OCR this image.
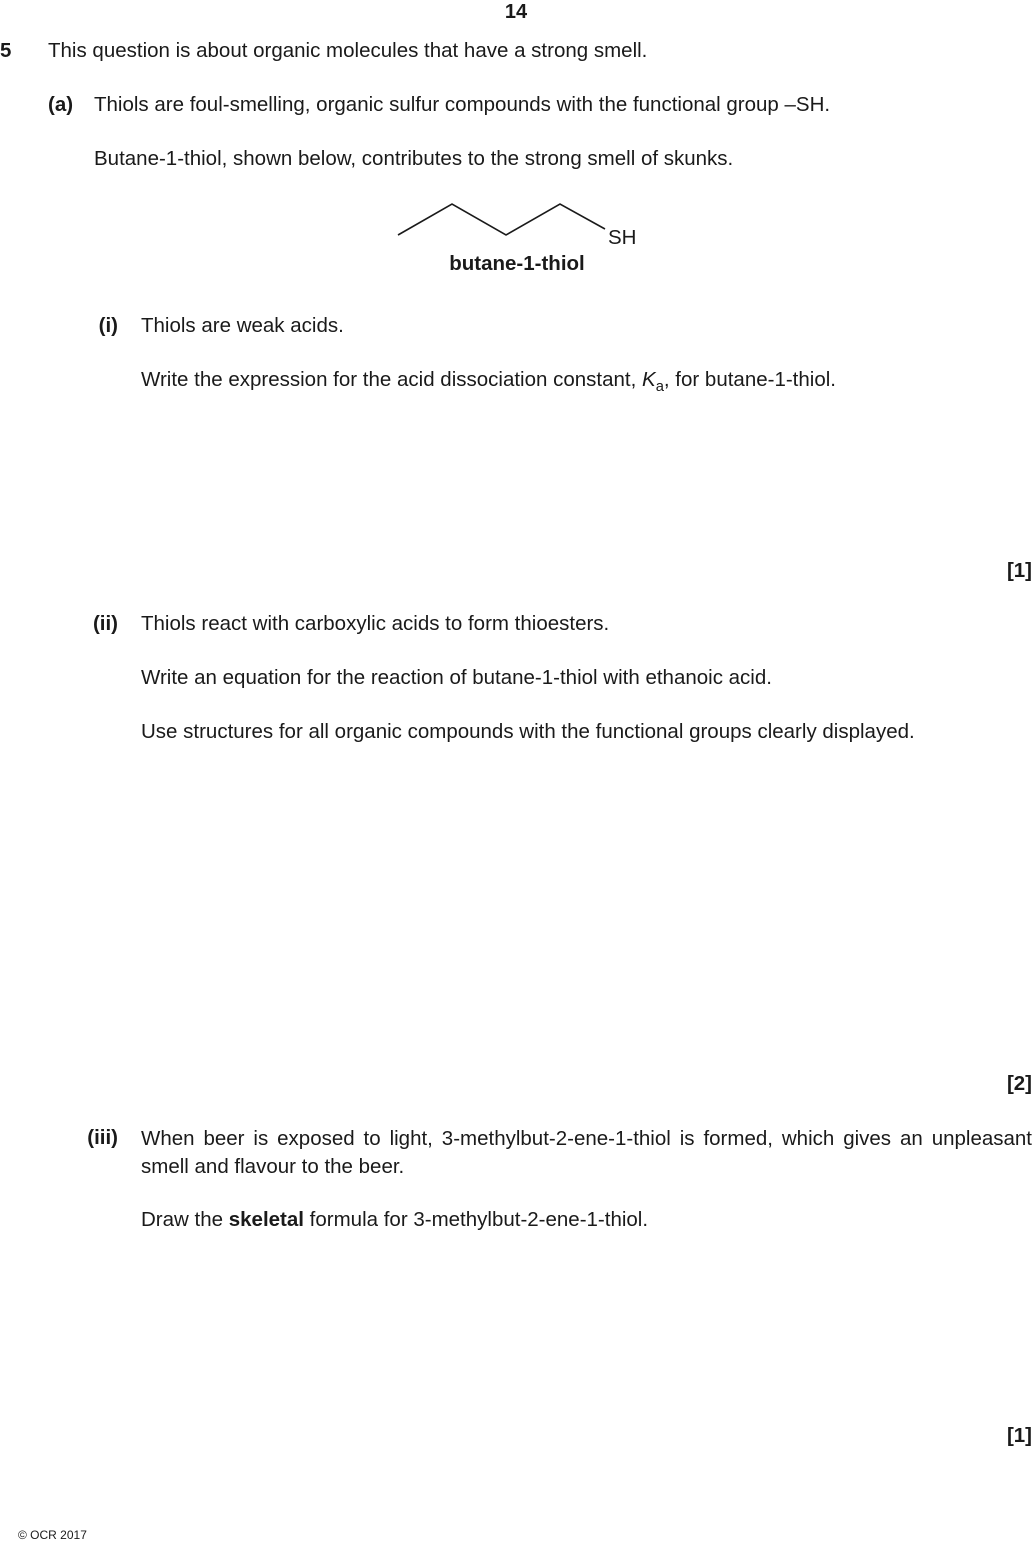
14
5 This question is about organic molecules that have a strong smell.
(a) Thiols are foul-smelling, organic sulfur compounds with the functional group –SH.
Butane-1-thiol, shown below, contributes to the strong smell of skunks.
SH
butane-1-thiol
(i) Thiols are weak acids.
Write the expression for the acid dissociation constant, $K_a$, for butane-1-thiol.
[1]
(ii) Thiols react with carboxylic acids to form thioesters.
Write an equation for the reaction of butane-1-thiol with ethanoic acid.
Use structures for all organic compounds with the functional groups clearly displayed.
[2]
(iii) When beer is exposed to light, 3-methylbut-2-ene-1-thiol is formed, which gives an unpleasant smell and flavour to the beer.
Draw the skeletal formula for 3-methylbut-2-ene-1-thiol.
[1]
© OCR 2017
